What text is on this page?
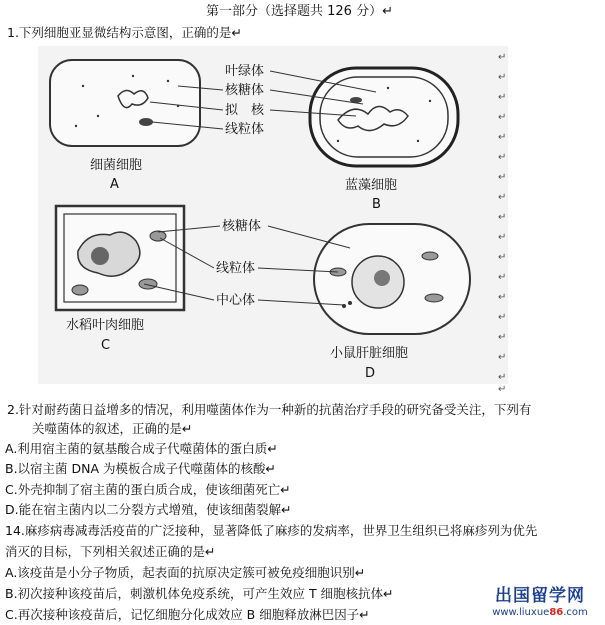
第一部分（选择题共 126 分）↵
1.下列细胞亚显微结构示意图，正确的是↵
叶绿体
核糖体
拟　核
线粒体
细菌细胞
A	蓝藻细胞
B
核糖体
线粒体
中心体
水稻叶肉细胞
C
小鼠肝脏细胞
D
↵
↵
↵
↵
↵
↵
↵
↵
↵
↵
↵
↵
↵
↵
↵
↵
↵
↵
2.针对耐药菌日益增多的情况，利用噬菌体作为一种新的抗菌治疗手段的研究备受关注，下列有
关噬菌体的叙述，正确的是↵
A.利用宿主菌的氨基酸合成子代噬菌体的蛋白质↵
B.以宿主菌 DNA 为模板合成子代噬菌体的核酸↵
C.外壳抑制了宿主菌的蛋白质合成，使该细菌死亡↵
D.能在宿主菌内以二分裂方式增殖，使该细菌裂解↵
14.麻疹病毒减毒活疫苗的广泛接种，显著降低了麻疹的发病率，世界卫生组织已将麻疹列为优先
消灭的目标，下列相关叙述正确的是↵
A.该疫苗是小分子物质，起表面的抗原决定簇可被免疫细胞识别↵
B.初次接种该疫苗后，刺激机体免疫系统，可产生效应 T 细胞核抗体↵
C.再次接种该疫苗后，记忆细胞分化成效应 B 细胞释放淋巴因子↵
出国留学网
www.liuxue86.com
